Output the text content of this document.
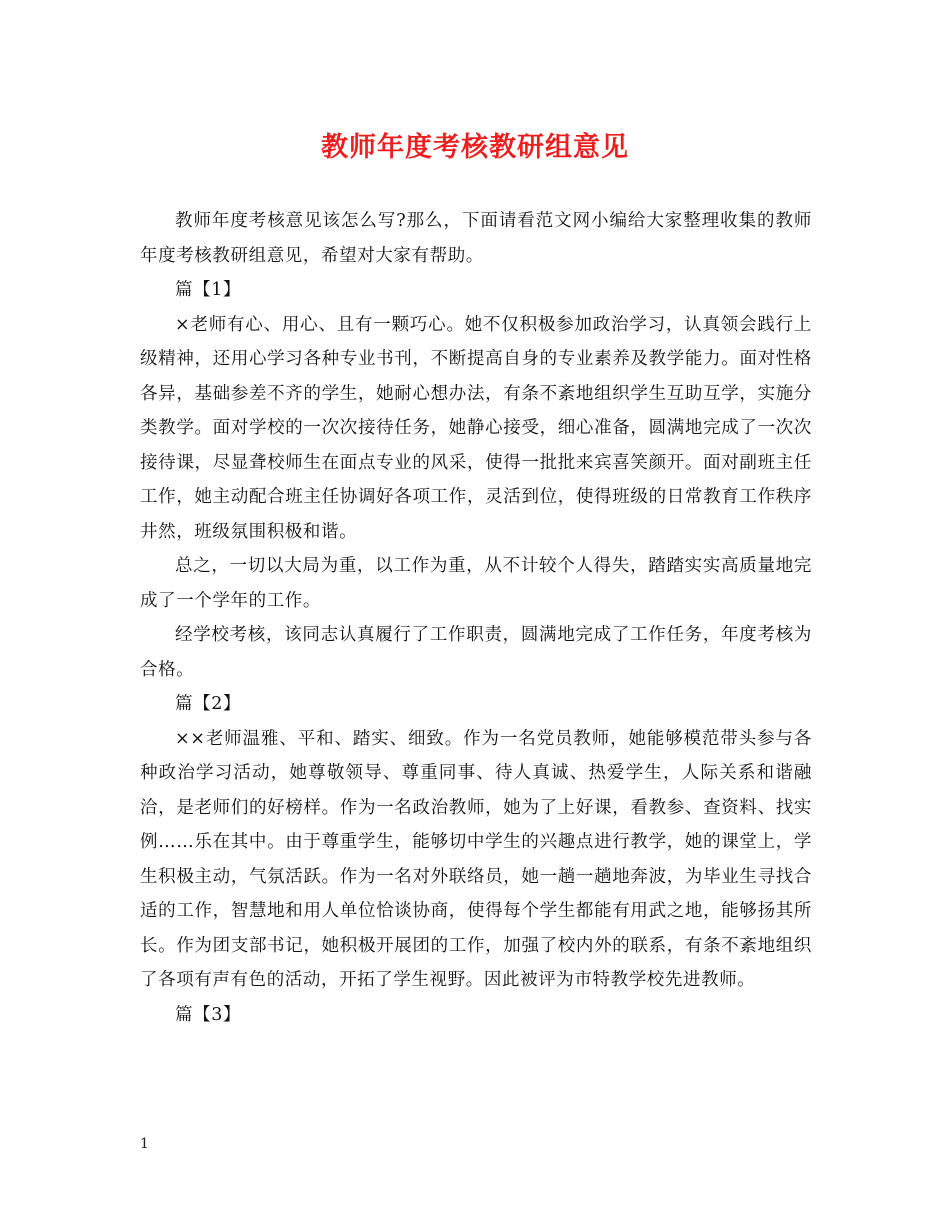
教师年度考核教研组意见

教师年度考核意见该怎么写?那么，下面请看范文网小编给大家整理收集的教师年度考核教研组意见，希望对大家有帮助。

篇【1】

×老师有心、用心、且有一颗巧心。她不仅积极参加政治学习，认真领会践行上级精神，还用心学习各种专业书刊，不断提高自身的专业素养及教学能力。面对性格各异，基础参差不齐的学生，她耐心想办法，有条不紊地组织学生互助互学，实施分类教学。面对学校的一次次接待任务，她静心接受，细心准备，圆满地完成了一次次接待课，尽显聋校师生在面点专业的风采，使得一批批来宾喜笑颜开。面对副班主任工作，她主动配合班主任协调好各项工作，灵活到位，使得班级的日常教育工作秩序井然，班级氛围积极和谐。

总之，一切以大局为重，以工作为重，从不计较个人得失，踏踏实实高质量地完成了一个学年的工作。

经学校考核，该同志认真履行了工作职责，圆满地完成了工作任务，年度考核为合格。

篇【2】

××老师温雅、平和、踏实、细致。作为一名党员教师，她能够模范带头参与各种政治学习活动，她尊敬领导、尊重同事、待人真诚、热爱学生，人际关系和谐融洽，是老师们的好榜样。作为一名政治教师，她为了上好课，看教参、查资料、找实例……乐在其中。由于尊重学生，能够切中学生的兴趣点进行教学，她的课堂上，学生积极主动，气氛活跃。作为一名对外联络员，她一趟一趟地奔波，为毕业生寻找合适的工作，智慧地和用人单位恰谈协商，使得每个学生都能有用武之地，能够扬其所长。作为团支部书记，她积极开展团的工作，加强了校内外的联系，有条不紊地组织了各项有声有色的活动，开拓了学生视野。因此被评为市特教学校先进教师。

篇【3】

1
